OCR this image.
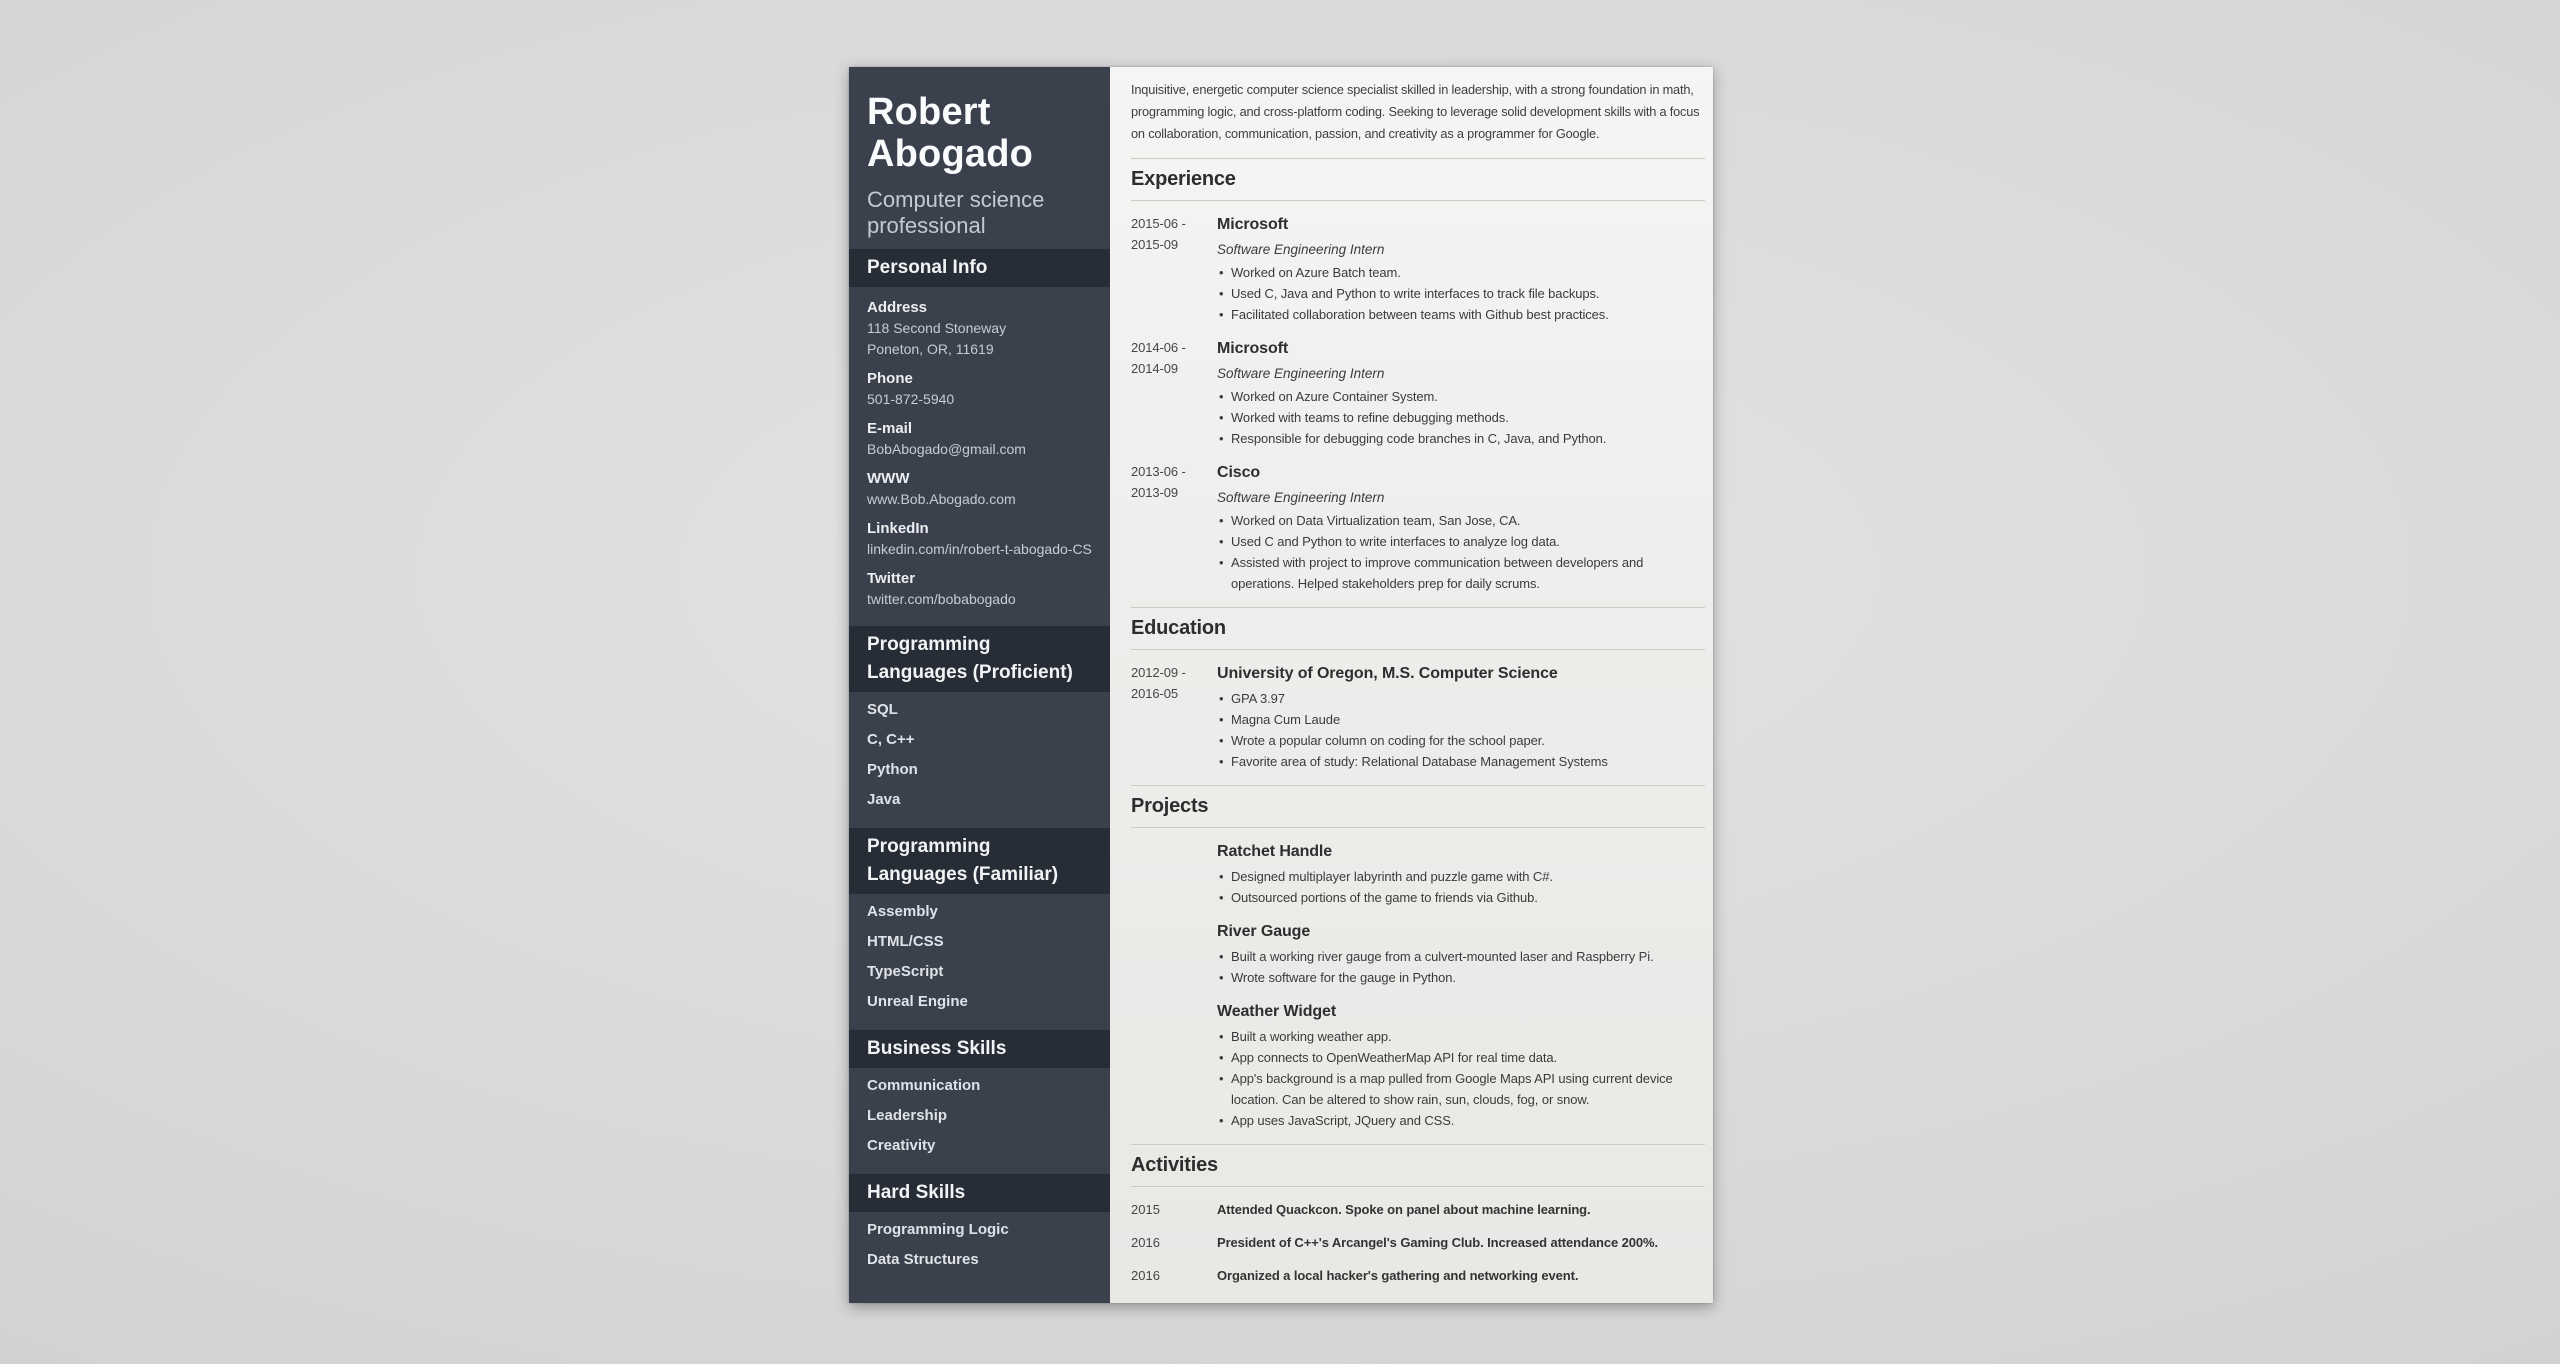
Robert Abogado
Computer science professional
Personal Info
Address
118 Second Stoneway
Poneton, OR, 11619
Phone
501-872-5940
E-mail
BobAbogado@gmail.com
WWW
www.Bob.Abogado.com
LinkedIn
linkedin.com/in/robert-t-abogado-CS
Twitter
twitter.com/bobabogado
Programming
Languages (Proficient)
SQL
C, C++
Python
Java
Programming
Languages (Familiar)
Assembly
HTML/CSS
TypeScript
Unreal Engine
Business Skills
Communication
Leadership
Creativity
Hard Skills
Programming Logic
Data Structures

Inquisitive, energetic computer science specialist skilled in leadership, with a strong foundation in math, programming logic, and cross-platform coding. Seeking to leverage solid development skills with a focus on collaboration, communication, passion, and creativity as a programmer for Google.

Experience
2015-06 -
2015-09
Microsoft
Software Engineering Intern
• Worked on Azure Batch team.
• Used C, Java and Python to write interfaces to track file backups.
• Facilitated collaboration between teams with Github best practices.
2014-06 -
2014-09
Microsoft
Software Engineering Intern
• Worked on Azure Container System.
• Worked with teams to refine debugging methods.
• Responsible for debugging code branches in C, Java, and Python.
2013-06 -
2013-09
Cisco
Software Engineering Intern
• Worked on Data Virtualization team, San Jose, CA.
• Used C and Python to write interfaces to analyze log data.
• Assisted with project to improve communication between developers and operations. Helped stakeholders prep for daily scrums.
Education
2012-09 -
2016-05
University of Oregon, M.S. Computer Science
• GPA 3.97
• Magna Cum Laude
• Wrote a popular column on coding for the school paper.
• Favorite area of study: Relational Database Management Systems
Projects
Ratchet Handle
• Designed multiplayer labyrinth and puzzle game with C#.
• Outsourced portions of the game to friends via Github.
River Gauge
• Built a working river gauge from a culvert-mounted laser and Raspberry Pi.
• Wrote software for the gauge in Python.
Weather Widget
• Built a working weather app.
• App connects to OpenWeatherMap API for real time data.
• App's background is a map pulled from Google Maps API using current device location. Can be altered to show rain, sun, clouds, fog, or snow.
• App uses JavaScript, JQuery and CSS.
Activities
2015	Attended Quackcon. Spoke on panel about machine learning.
2016	President of C++'s Arcangel's Gaming Club. Increased attendance 200%.
2016	Organized a local hacker's gathering and networking event.
